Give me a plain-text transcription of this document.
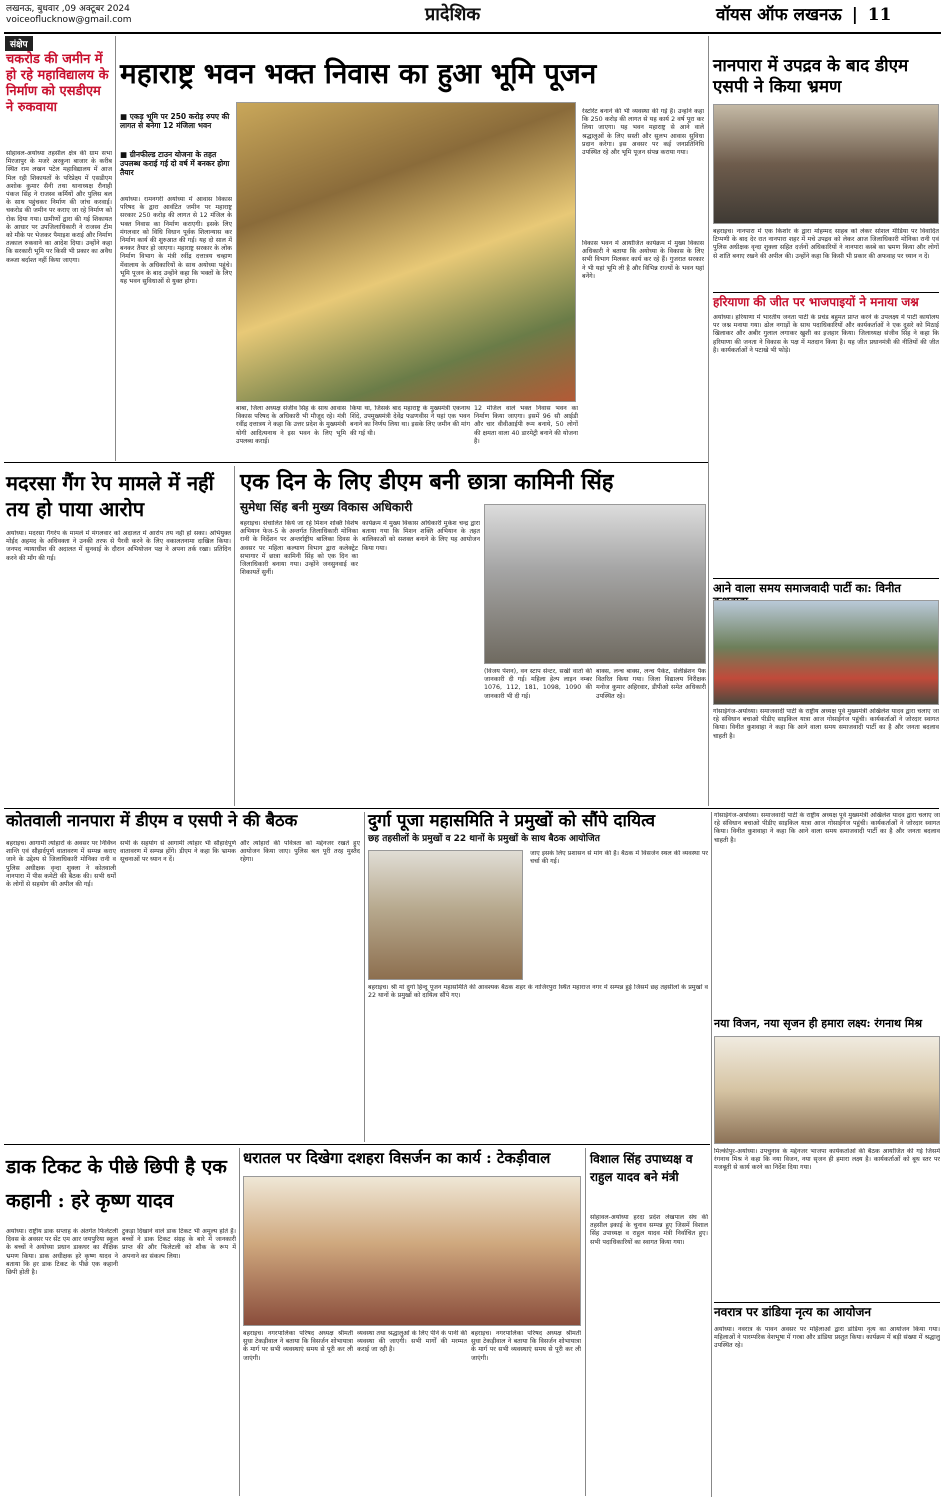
लखनऊ, बुधवार ,09 अक्टूबर 2024
voiceoflucknow@gmail.com	प्रादेशिक	वॉयस ऑफ लखनऊ | 11
संक्षेप
चकरोड की जमीन में हो रहे महाविद्यालय के निर्माण को एसडीएम ने रुकवाया
सोहावल-अयोध्या तहसील क्षेत्र की ग्राम सभा मिरजापुर के मजरे अरकुना बाजार के करीब स्थित राम लखन पटेल महाविद्यालय में आज मिल रही शिकायतों के परिप्रेक्ष्य में एसडीएम अशोक कुमार सैनी तथा थानाध्यक्ष रौनाही पंकज सिंह ने राजस्व कर्मियों और पुलिस बल के साथ पहुंचकर निर्माण की जांच करवाई। चकरोड की जमीन पर कराए जा रहे निर्माण को रोक दिया गया। ग्रामीणों द्वारा की गई शिकायत के आधार पर उपजिलाधिकारी ने राजस्व टीम को मौके पर भेजकर पैमाइश कराई और निर्माण तत्काल रुकवाने का आदेश दिया। उन्होंने कहा कि सरकारी भूमि पर किसी भी प्रकार का अवैध कब्जा बर्दाश्त नहीं किया जाएगा।
महाराष्ट्र भवन भक्त निवास का हुआ भूमि पूजन
■ एकड़ भूमि पर 250 करोड़ रुपए की लागत से बनेगा 12 मंजिला भवन
■ ग्रीनफील्ड टाउन योजना के तहत उपलब्ध कराई गई दो वर्ष में बनकर होगा तैयार
अयोध्या। रामनगरी अयोध्या में आवास विकास परिषद के द्वारा आवंटित जमीन पर महाराष्ट्र सरकार 250 करोड़ की लागत से 12 मंजिल के भक्त निवास का निर्माण कराएगी। इसके लिए मंगलवार को विधि विधान पूर्वक शिलान्यास कर निर्माण कार्य की शुरुआत की गई। यह दो साल में बनकर तैयार हो जाएगा। महाराष्ट्र सरकार के लोक निर्माण विभाग के मंत्री रवींद्र दत्तात्रय चव्हाण मेंवालाय के अधिकारियों के साथ अयोध्या पहुंचे। भूमि पूजन के बाद उन्होंने कहा कि भक्तों के लिए यह भवन सुविधाओं से युक्त होगा।
रेस्टोरेंट बनाने की भी व्यवस्था की गई है। उन्होंने कहा कि 250 करोड़ की लागत से यह कार्य 2 वर्ष पूरा कर लिया जाएगा। यह भवन महाराष्ट्र से आने वाले श्रद्धालुओं के लिए सस्ती और सुलभ आवास सुविधा प्रदान करेगा। इस अवसर पर कई जनप्रतिनिधि उपस्थित रहे और भूमि पूजन संपन्न कराया गया।
विकास भवन में आयोजित कार्यक्रम में मुख्य विकास अधिकारी ने बताया कि अयोध्या के विकास के लिए सभी विभाग मिलकर कार्य कर रहे हैं। गुजरात सरकार ने भी यहां भूमि ली है और विभिन्न राज्यों के भवन यहां बनेंगे।
बाबा, जिला अध्यक्ष संजीव सिंह के साथ आवास विकास परिषद के अधिकारी भी मौजूद रहे। मंत्री रवींद्र दत्तात्रय ने कहा कि उत्तर प्रदेश के मुख्यमंत्री योगी आदित्यनाथ ने इस भवन के लिए भूमि उपलब्ध कराई।
किया था, जिसके बाद महाराष्ट्र के मुख्यमंत्री एकनाथ शिंदे, उपमुख्यमंत्री देवेंद्र फडणवीस ने यहां एक भवन बनाने का निर्णय लिया था। इसके लिए जमीन की मांग की गई थी।
12 मंजिल वाले भक्त निवास भवन का निर्माण किया जाएगा। इसमें 96 सौ आईडी और चार वीवीआईपी रूम बनाये, 50 लोगों की क्षमता वाला 40 डारमेट्री बनाने की योजना है।
नानपारा में उपद्रव के बाद डीएम एसपी ने किया भ्रमण
बहराइच। नानपारा में एक किशोर के द्वारा मोहम्मद साहब को लेकर सोशल मीडिया पर विवादित टिप्पणी के बाद देर रात नानपारा शहर में मचे उपद्रव को लेकर आज जिलाधिकारी मोनिका रानी एवं पुलिस अधीक्षक वृन्दा शुक्ला सहित दर्जनों अधिकारियों ने नानपारा कस्बे का भ्रमण किया और लोगों से शांति बनाए रखने की अपील की। उन्होंने कहा कि किसी भी प्रकार की अफवाह पर ध्यान न दें।
हरियाणा की जीत पर भाजपाइयों ने मनाया जश्न
अयोध्या। हरियाणा में भारतीय जनता पार्टी के प्रचंड बहुमत प्राप्त करने के उपलक्ष्य में पार्टी कार्यालय पर जश्न मनाया गया। ढोल नगाड़ों के साथ पदाधिकारियों और कार्यकर्ताओं ने एक दूसरे को मिठाई खिलाकर और अबीर गुलाल लगाकर खुशी का इजहार किया। जिलाध्यक्ष संजीव सिंह ने कहा कि हरियाणा की जनता ने विकास के पक्ष में मतदान किया है। यह जीत प्रधानमंत्री की नीतियों की जीत है। कार्यकर्ताओं ने पटाखे भी फोड़े।
मदरसा गैंग रेप मामले में नहीं तय हो पाया आरोप
अयोध्या। मदरसा गैंगरेप के मामले में मंगलवार को अदालत में आरोप तय नहीं हो सका। अभियुक्त मोईद अहमद के अधिवक्ता ने उनकी तरफ से पैरवी करने के लिए वकालतनामा दाखिल किया। जनपद न्यायाधीश की अदालत में सुनवाई के दौरान अभियोजन पक्ष ने अपना तर्क रखा। प्रतिदिन करने की माँग की गई।
एक दिन के लिए डीएम बनी छात्रा कामिनी सिंह
सुमेधा सिंह बनी मुख्य विकास अधिकारी
बहराइच। संचालित किये जा रहे मिशन शक्ति विशेष अभियान फेज-5 के अन्तर्गत जिलाधिकारी मोनिका रानी के निर्देशन पर अन्तर्राष्ट्रीय बालिका दिवस के अवसर पर महिला कल्याण विभाग द्वारा कलेक्ट्रेट सभागार में छात्रा कामिनी सिंह को एक दिन का जिलाधिकारी बनाया गया। उन्होंने जनसुनवाई कर शिकायतें सुनीं।
कार्यक्रम में मुख्य विकास अधिकारी मुकेश चन्द्र द्वारा बताया गया कि मिशन शक्ति अभियान के तहत बालिकाओं को सशक्त बनाने के लिए यह आयोजन किया गया।
(विजय पेंशन), वन स्टाप सेन्टर, सखी वार्ता की जानकारी दी गई। महिला हेल्प लाइन नम्बर 1076, 112, 181, 1098, 1090 की जानकारी भी दी गई।
बाक्स, लन्च बाक्स, लन्च पैकेट, सेलीब्रेशन पैक वितरित किया गया। जिला विद्यालय निरीक्षक मनोज कुमार अहिरवार, डीपीओ समेत अधिकारी उपस्थित रहे।
आने वाला समय समाजवादी पार्टी का: विनीत
गोसाईगंज-अयोध्या। समाजवादी पार्टी के राष्ट्रीय अध्यक्ष पूर्व मुख्यमंत्री अखिलेश यादव द्वारा चलाए जा रहे संविधान बचाओ पीडीए साइकिल यात्रा आज गोसाईगंज पहुंची। कार्यकर्ताओं ने जोरदार स्वागत किया। विनीत कुशवाहा ने कहा कि आने वाला समय समाजवादी पार्टी का है और जनता बदलाव चाहती है।
कोतवाली नानपारा में डीएम व एसपी ने की बैठक
बहराइच। आगामी त्योहारों के अवसर पर निर्विघ्न शान्ति एवं सौहार्दपूर्ण वातावरण में सम्पन्न कराए जाने के उद्देश्य से जिलाधिकारी मोनिका रानी व पुलिस अधीक्षक वृन्दा शुक्ला ने कोतवाली नानपारा में पीस कमेटी की बैठक की। सभी धर्मों के लोगों से सहयोग की अपील की गई।
सभी के सहयोग से आगामी त्योहार भी सौहार्दपूर्ण वातावरण में सम्पन्न होंगे। डीएम ने कहा कि भ्रामक सूचनाओं पर ध्यान न दें।
और त्योहारों की पवित्रता को मद्देनजर रखते हुए आयोजन किया जाए। पुलिस बल पूरी तरह मुस्तैद रहेगा।
दुर्गा पूजा महासमिति ने प्रमुखों को सौंपे दायित्व
छह तहसीलों के प्रमुखों व 22 थानों के प्रमुखों के साथ बैठक आयोजित
जाए इसके लिए प्रशासन से मांग की है। बैठक में विसर्जन स्थल की व्यवस्था पर चर्चा की गई।
बहराइच। श्री मां दुर्गा हिन्दू पूजन महासमिति की आवश्यक बैठक शहर के नाजिरपुरा स्थित महाराज नगर में सम्पन्न हुई जिसमें छह तहसीलों के प्रमुखों व 22 थानों के प्रमुखों को दायित्व सौंपे गए।
नया विजन, नया सृजन ही हमारा लक्ष्य: रंगनाथ मिश्र
मिल्कीपुर-अयोध्या। उपचुनाव के मद्देनजर भाजपा कार्यकर्ताओं की बैठक आयोजित की गई जिसमें रंगनाथ मिश्र ने कहा कि नया विजन, नया सृजन ही हमारा लक्ष्य है। कार्यकर्ताओं को बूथ स्तर पर मजबूती से कार्य करने का निर्देश दिया गया।
गोसाईगंज-अयोध्या। समाजवादी पार्टी के राष्ट्रीय अध्यक्ष पूर्व मुख्यमंत्री अखिलेश यादव द्वारा चलाए जा रहे संविधान बचाओ पीडीए साइकिल यात्रा आज गोसाईगंज पहुंची। कार्यकर्ताओं ने जोरदार स्वागत किया। विनीत कुशवाहा ने कहा कि आने वाला समय समाजवादी पार्टी का है और जनता बदलाव चाहती है।
नवरात्र पर डांडिया नृत्य का आयोजन
अयोध्या। नवरात्र के पावन अवसर पर महिलाओं द्वारा डांडिया नृत्य का आयोजन किया गया। महिलाओं ने पारम्परिक वेशभूषा में गरबा और डांडिया प्रस्तुत किया। कार्यक्रम में बड़ी संख्या में श्रद्धालु उपस्थित रहे।
डाक टिकट के पीछे छिपी है एक कहानी : हरे कृष्ण यादव
अयोध्या। राष्ट्रीय डाक सप्ताह के अंतर्गत फिलेटली दिवस के अवसर पर सेंट एम आर जयपुरिया स्कूल के बच्चों ने अयोध्या प्रधान डाकघर का शैक्षिक भ्रमण किया। डाक अधीक्षक हरे कृष्ण यादव ने बताया कि हर डाक टिकट के पीछे एक कहानी छिपी होती है।
टुकड़ा दिखाने वाले डाक टिकट भी अमूल्य होते हैं। बच्चों ने डाक टिकट संग्रह के बारे में जानकारी प्राप्त की और फिलेटली को शौक के रूप में अपनाने का संकल्प लिया।
धरातल पर दिखेगा दशहरा विसर्जन का कार्य : टेकड़ीवाल
बहराइच। नगरपालिका परिषद अध्यक्ष श्रीमती सुधा टेकड़ीवाल ने बताया कि विसर्जन शोभायात्रा के मार्ग पर सभी व्यवस्थाएं समय से पूरी कर ली जाएंगी।
व्यवस्था तथा श्रद्धालुओं के लिए पीने के पानी की व्यवस्था की जाएगी। सभी मार्गों की मरम्मत कराई जा रही है।
बहराइच। नगरपालिका परिषद अध्यक्ष श्रीमती सुधा टेकड़ीवाल ने बताया कि विसर्जन शोभायात्रा के मार्ग पर सभी व्यवस्थाएं समय से पूरी कर ली जाएंगी।
विशाल सिंह उपाध्यक्ष व राहुल यादव बने मंत्री
सोहावल-अयोध्या हरदा प्रदेश लेखपाल संघ की तहसील इकाई के चुनाव सम्पन्न हुए जिसमें विशाल सिंह उपाध्यक्ष व राहुल यादव मंत्री निर्वाचित हुए। सभी पदाधिकारियों का स्वागत किया गया।
